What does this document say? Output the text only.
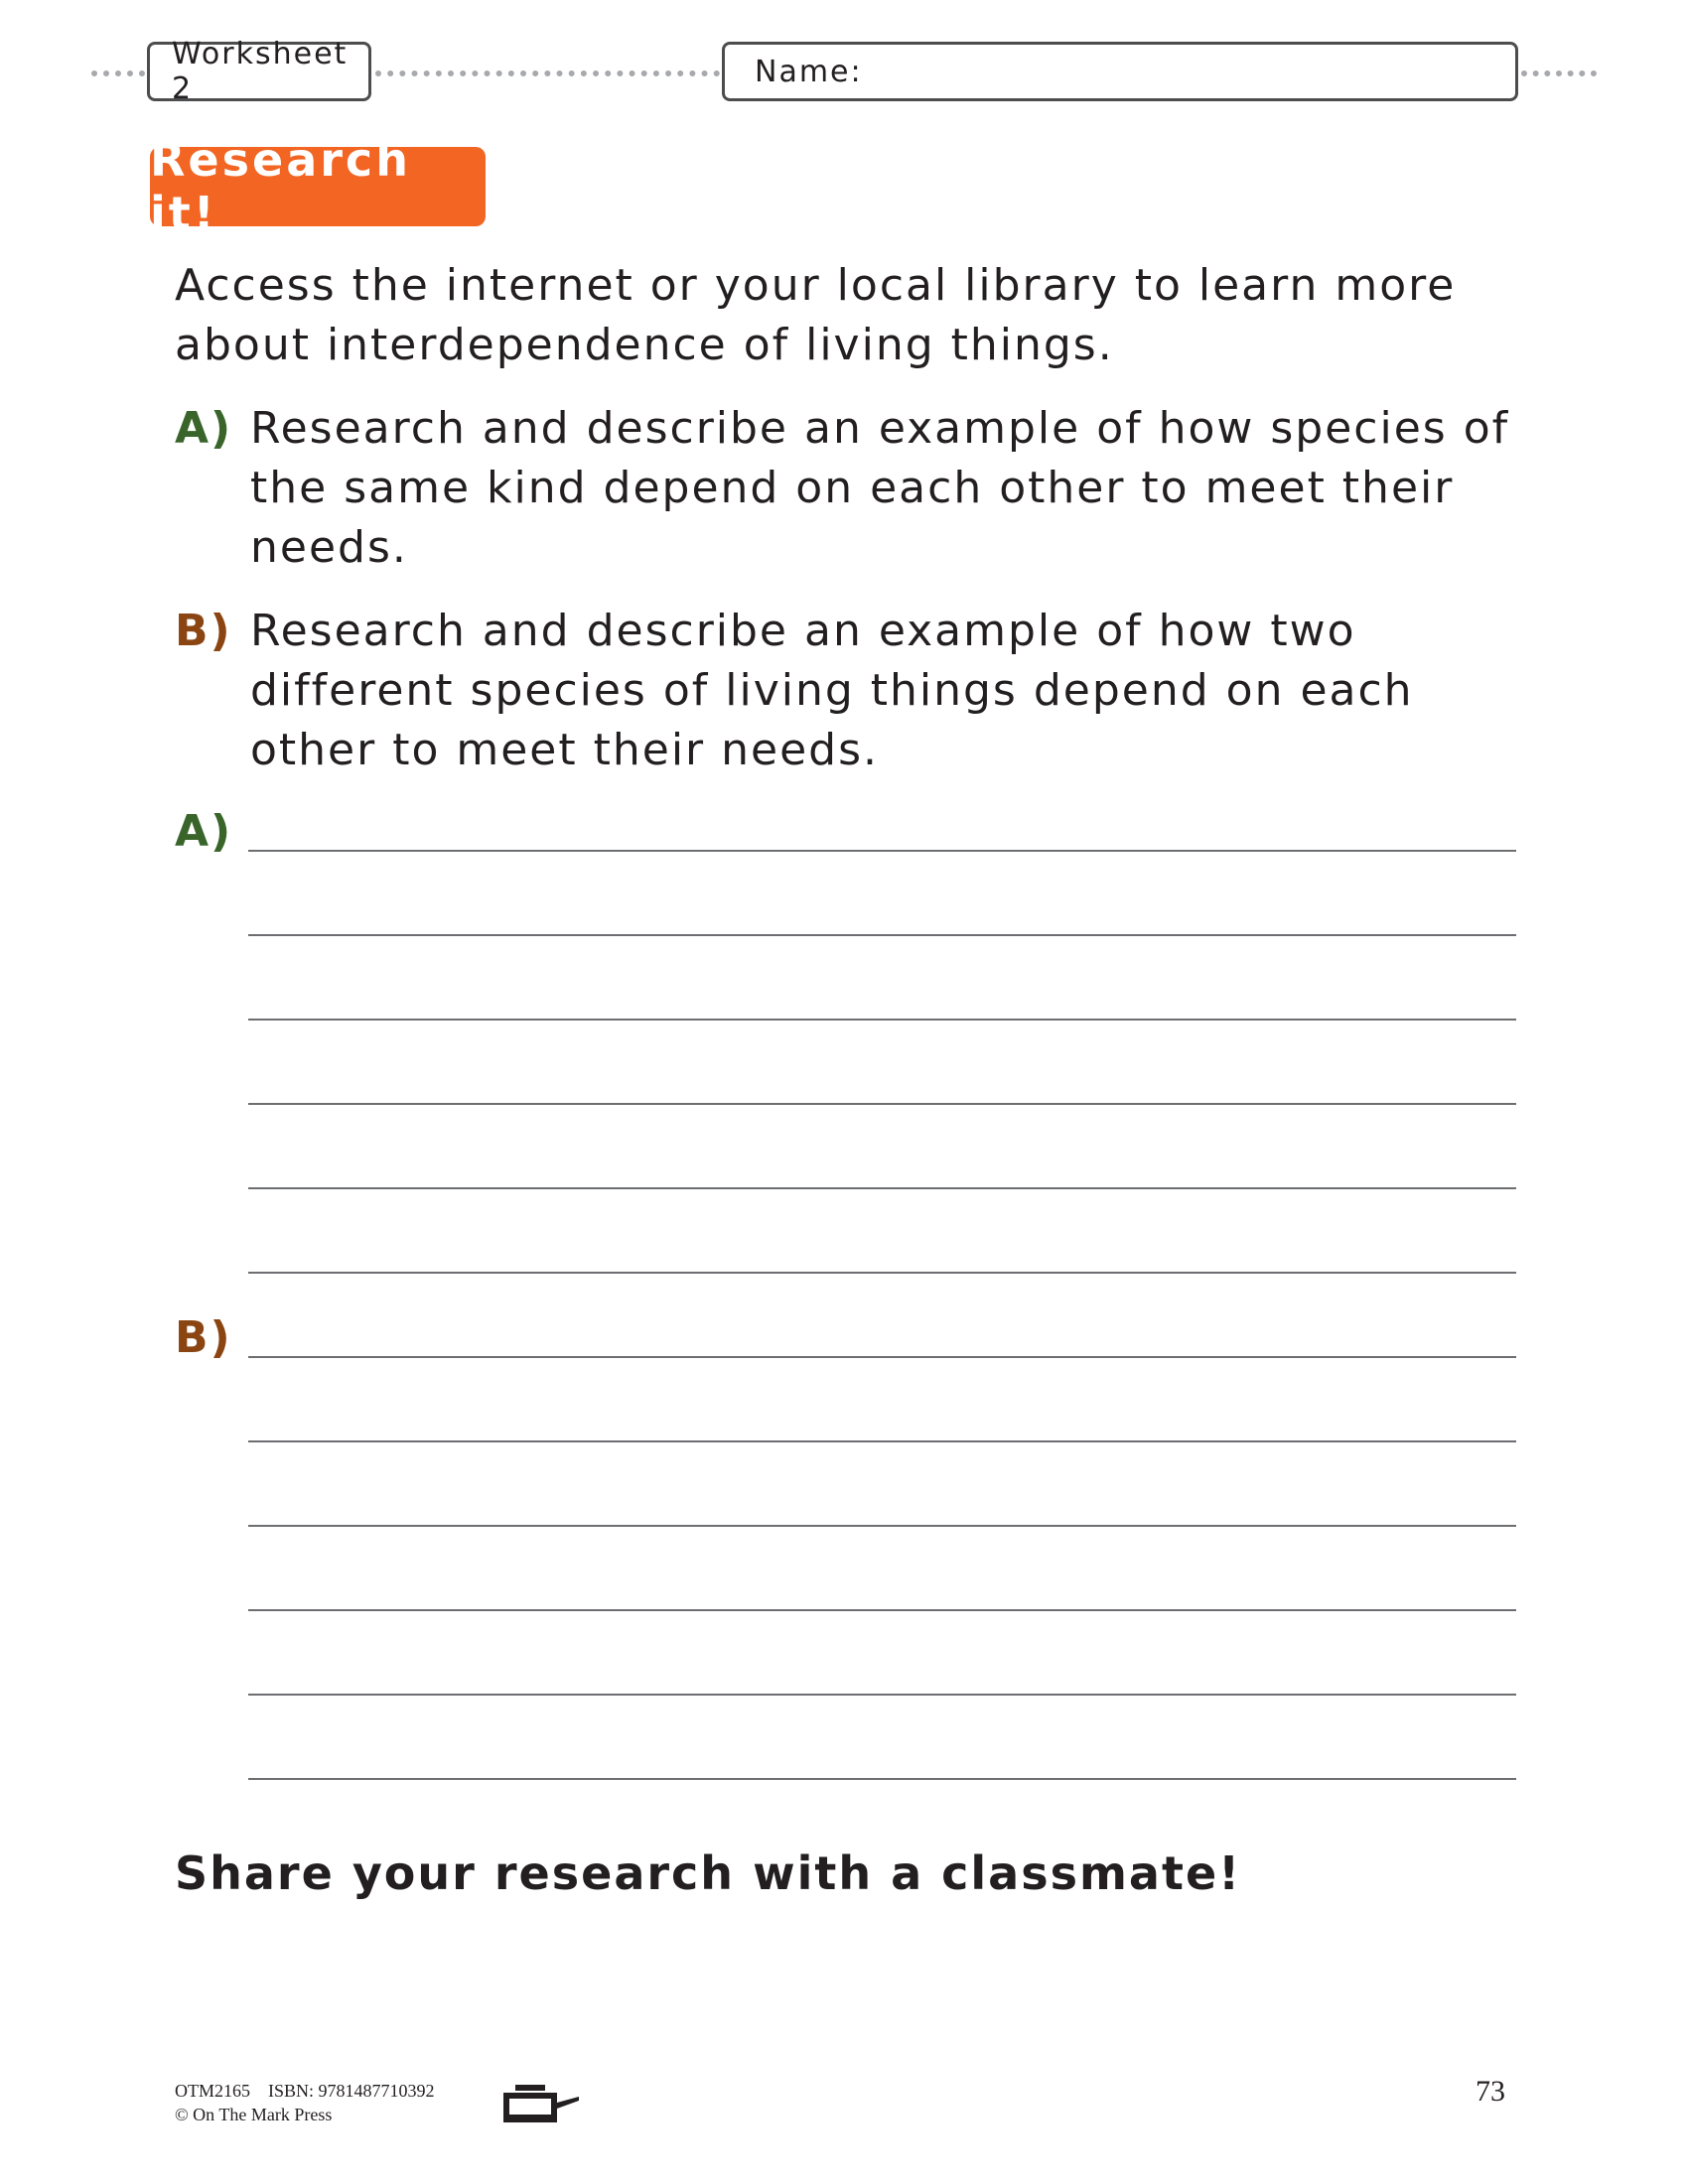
Worksheet 2	Name:
Research it!
Access the internet or your local library to learn more about interdependence of living things.
A) Research and describe an example of how species of the same kind depend on each other to meet their needs.
B) Research and describe an example of how two different species of living things depend on each other to meet their needs.
A)
B)
Share your research with a classmate!
OTM2165    ISBN: 9781487710392
© On The Mark Press
73
